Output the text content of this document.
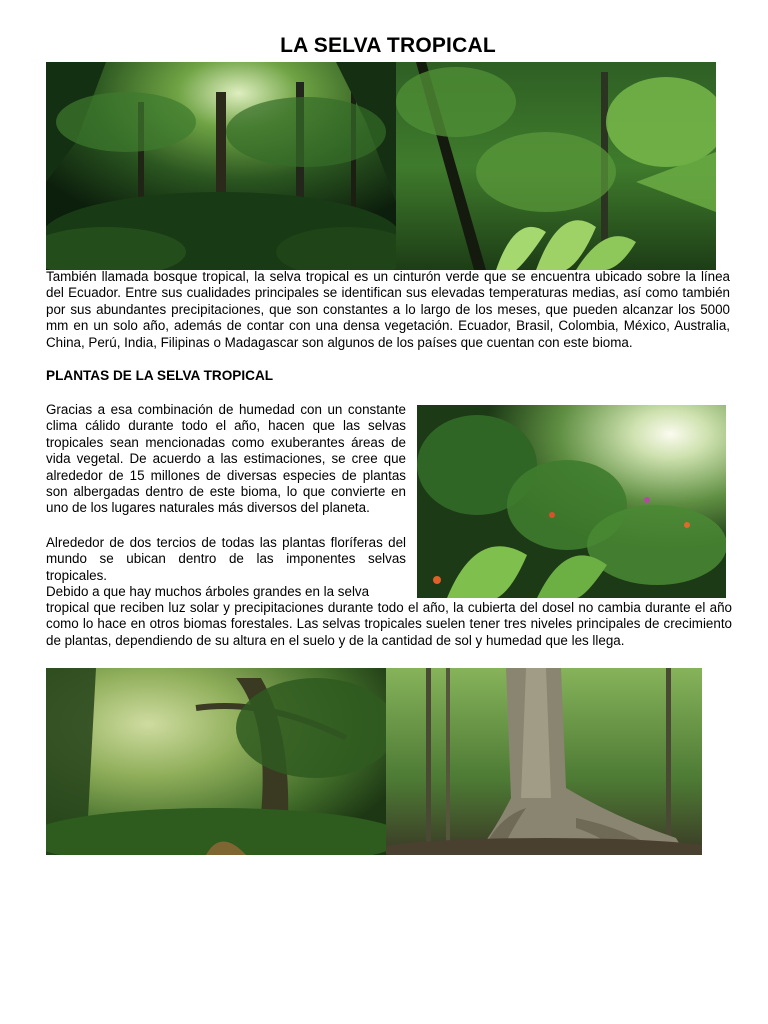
LA SELVA TROPICAL

También llamada bosque tropical, la selva tropical es un cinturón verde que se encuentra ubicado sobre la línea del Ecuador. Entre sus cualidades principales se identifican sus elevadas temperaturas medias, así como también por sus abundantes precipitaciones, que son constantes a lo largo de los meses, que pueden alcanzar los 5000 mm en un solo año, además de contar con una densa vegetación. Ecuador, Brasil, Colombia, México, Australia, China, Perú, India, Filipinas o Madagascar son algunos de los países que cuentan con este bioma.

PLANTAS DE LA SELVA TROPICAL

Gracias a esa combinación de humedad con un constante clima cálido durante todo el año, hacen que las selvas tropicales sean mencionadas como exuberantes áreas de vida vegetal. De acuerdo a las estimaciones, se cree que alrededor de 15 millones de diversas especies de plantas son albergadas dentro de este bioma, lo que convierte en uno de los lugares naturales más diversos del planeta.

Alrededor de dos tercios de todas las plantas floríferas del mundo se ubican dentro de las imponentes selvas tropicales.

Debido a que hay muchos árboles grandes en la selva

tropical que reciben luz solar y precipitaciones durante todo el año, la cubierta del dosel no cambia durante el año como lo hace en otros biomas forestales. Las selvas tropicales suelen tener tres niveles principales de crecimiento de plantas, dependiendo de su altura en el suelo y de la cantidad de sol y humedad que les llega.
